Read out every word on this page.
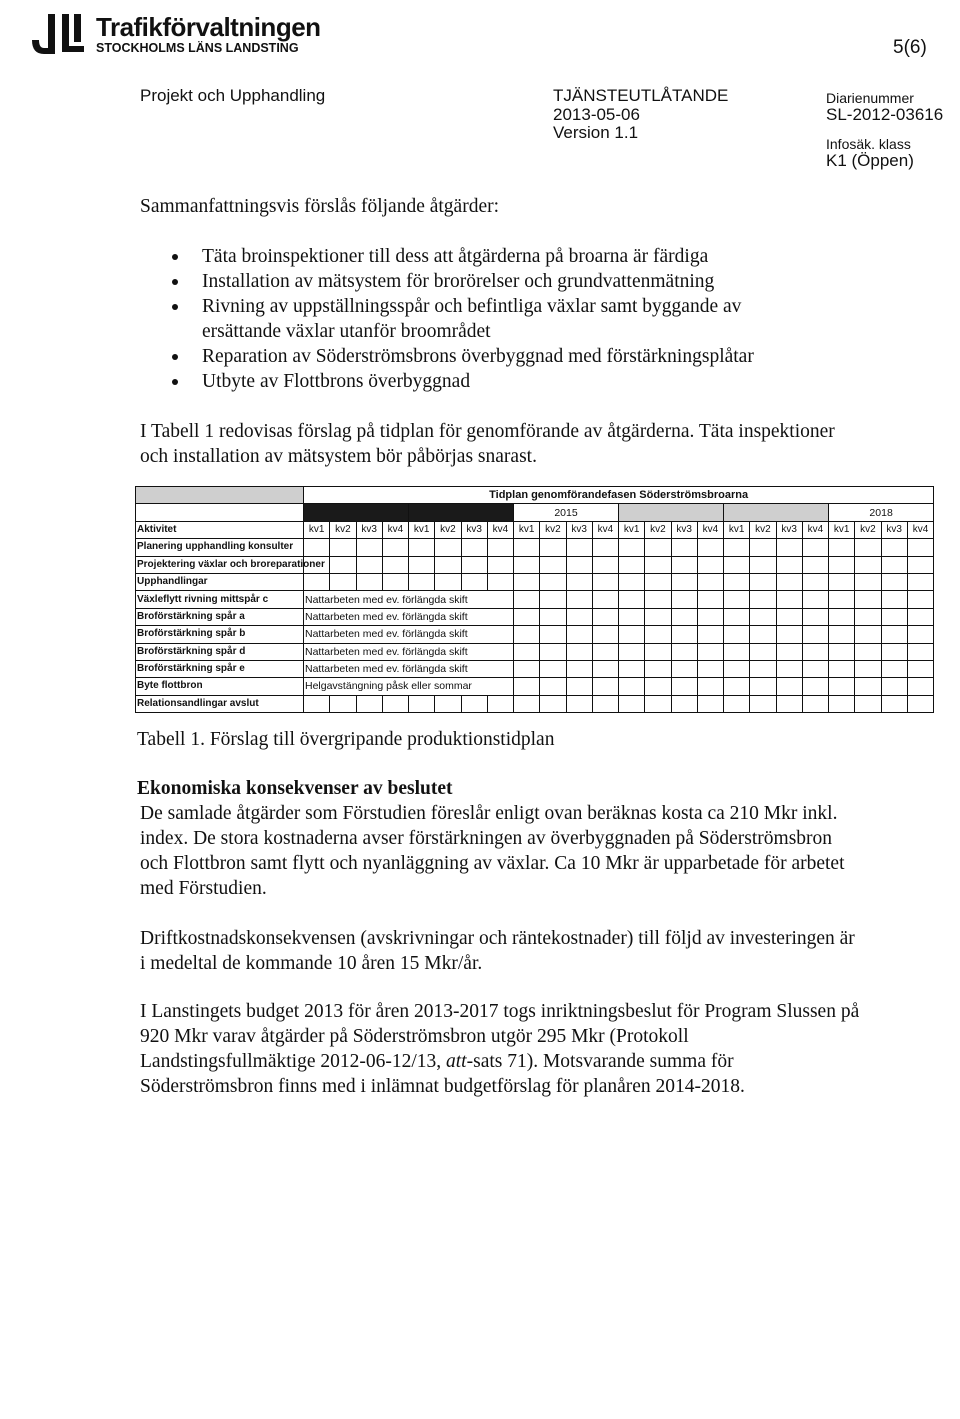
Trafikförvaltningen
STOCKHOLMS LÄNS LANDSTING	5(6)
Projekt och Upphandling	TJÄNSTEUTLÅTANDE
2013-05-06
Version 1.1
Diarienummer
SL-2012-03616
Infosäk. klass
K1 (Öppen)
Sammanfattningsvis förslås följande åtgärder:
Täta broinspektioner till dess att åtgärderna på broarna är färdiga
Installation av mätsystem för brorörelser och grundvattenmätning
Rivning av uppställningsspår och befintliga växlar samt byggande av ersättande växlar utanför broområdet
Reparation av Söderströmsbrons överbyggnad med förstärkningsplåtar
Utbyte av Flottbrons överbyggnad

I Tabell 1 redovisas förslag på tidplan för genomförande av åtgärderna. Täta inspektioner och installation av mätsystem bör påbörjas snarast.

	Tidplan genomförandefasen Söderströmsbroarna																							
									2015												2018			
Aktivitet	kv1	kv2	kv3	kv4	kv1	kv2	kv3	kv4	kv1	kv2	kv3	kv4	kv1	kv2	kv3	kv4	kv1	kv2	kv3	kv4	kv1	kv2	kv3	kv4
Planering upphandling konsulter																								
Projektering växlar och broreparationer																								
Upphandlingar																								
Växleflytt rivning mittspår c	Nattarbeten med ev. förlängda skift																							
Broförstärkning spår a	Nattarbeten med ev. förlängda skift																							
Broförstärkning spår b	Nattarbeten med ev. förlängda skift																							
Broförstärkning spår d	Nattarbeten med ev. förlängda skift																							
Broförstärkning spår e	Nattarbeten med ev. förlängda skift																							
Byte flottbron	Helgavstängning påsk eller sommar																							
Relationsandlingar avslut																								
Tabell 1. Förslag till övergripande produktionstidplan
Ekonomiska konsekvenser av beslutet

De samlade åtgärder som Förstudien föreslår enligt ovan beräknas kosta ca 210 Mkr inkl. index. De stora kostnaderna avser förstärkningen av överbyggnaden på Söderströmsbron och Flottbron samt flytt och nyanläggning av växlar. Ca 10 Mkr är upparbetade för arbetet med Förstudien.

Driftkostnadskonsekvensen (avskrivningar och räntekostnader) till följd av investeringen är i medeltal de kommande 10 åren 15 Mkr/år.

I Lanstingets budget 2013 för åren 2013-2017 togs inriktningsbeslut för Program Slussen på 920 Mkr varav åtgärder på Söderströmsbron utgör 295 Mkr (Protokoll Landstingsfullmäktige 2012-06-12/13, att-sats 71). Motsvarande summa för Söderströmsbron finns med i inlämnat budgetförslag för planåren 2014-2018.
